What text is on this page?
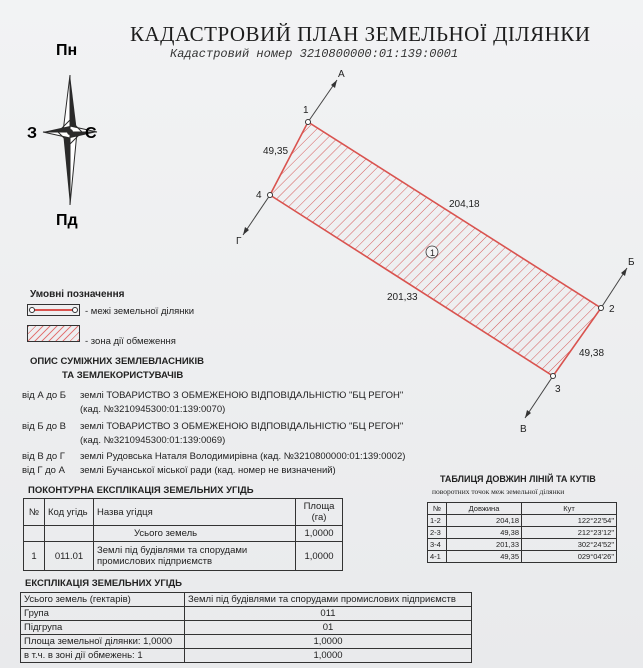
КАДАСТРОВИЙ ПЛАН ЗЕМЕЛЬНОЇ ДІЛЯНКИ
Кадастровий номер 3210800000:01:139:0001
Пн
З	С
Пд
1
1
2
3
4
А
Б
В
Г
49,35
204,18
49,38
201,33
Умовні позначення
- межі земельної ділянки
- зона дії обмеження
ОПИС СУМІЖНИХ ЗЕМЛЕВЛАСНИКІВ
ТА ЗЕМЛЕКОРИСТУВАЧІВ
від А до Б землі ТОВАРИСТВО З ОБМЕЖЕНОЮ ВІДПОВІДАЛЬНІСТЮ "БЦ РЕГОН"
(кад. №3210945300:01:139:0070)
від Б до В землі ТОВАРИСТВО З ОБМЕЖЕНОЮ ВІДПОВІДАЛЬНІСТЮ "БЦ РЕГОН"
(кад. №3210945300:01:139:0069)
від В до Г землі Рудовська Наталя Володимирівна (кад. №3210800000:01:139:0002)
від Г до А землі Бучанської міської ради (кад. номер не визначений)
ПОКОНТУРНА ЕКСПЛІКАЦІЯ ЗЕМЕЛЬНИХ УГІДЬ
№	Код угідь	Назва угідця	Площа (га)
		Усього земель	1,0000
1	011.01	Землі під будівлями та спорудами промислових підприємств	1,0000
ТАБЛИЦЯ ДОВЖИН ЛІНІЙ ТА КУТІВ
поворотних точок меж земельної ділянки
№	Довжина	Кут
1-2	204,18	122°22'54"
2-3	49,38	212°23'12"
3-4	201,33	302°24'52"
4-1	49,35	029°04'26"
ЕКСПЛІКАЦІЯ ЗЕМЕЛЬНИХ УГІДЬ
Усього земель (гектарів)	Землі під будівлями та спорудами промислових підприємств
Група	011
Підгрупа	01
Площа земельної ділянки: 1,0000	1,0000
в т.ч. в зоні дії обмежень: 1	1,0000
